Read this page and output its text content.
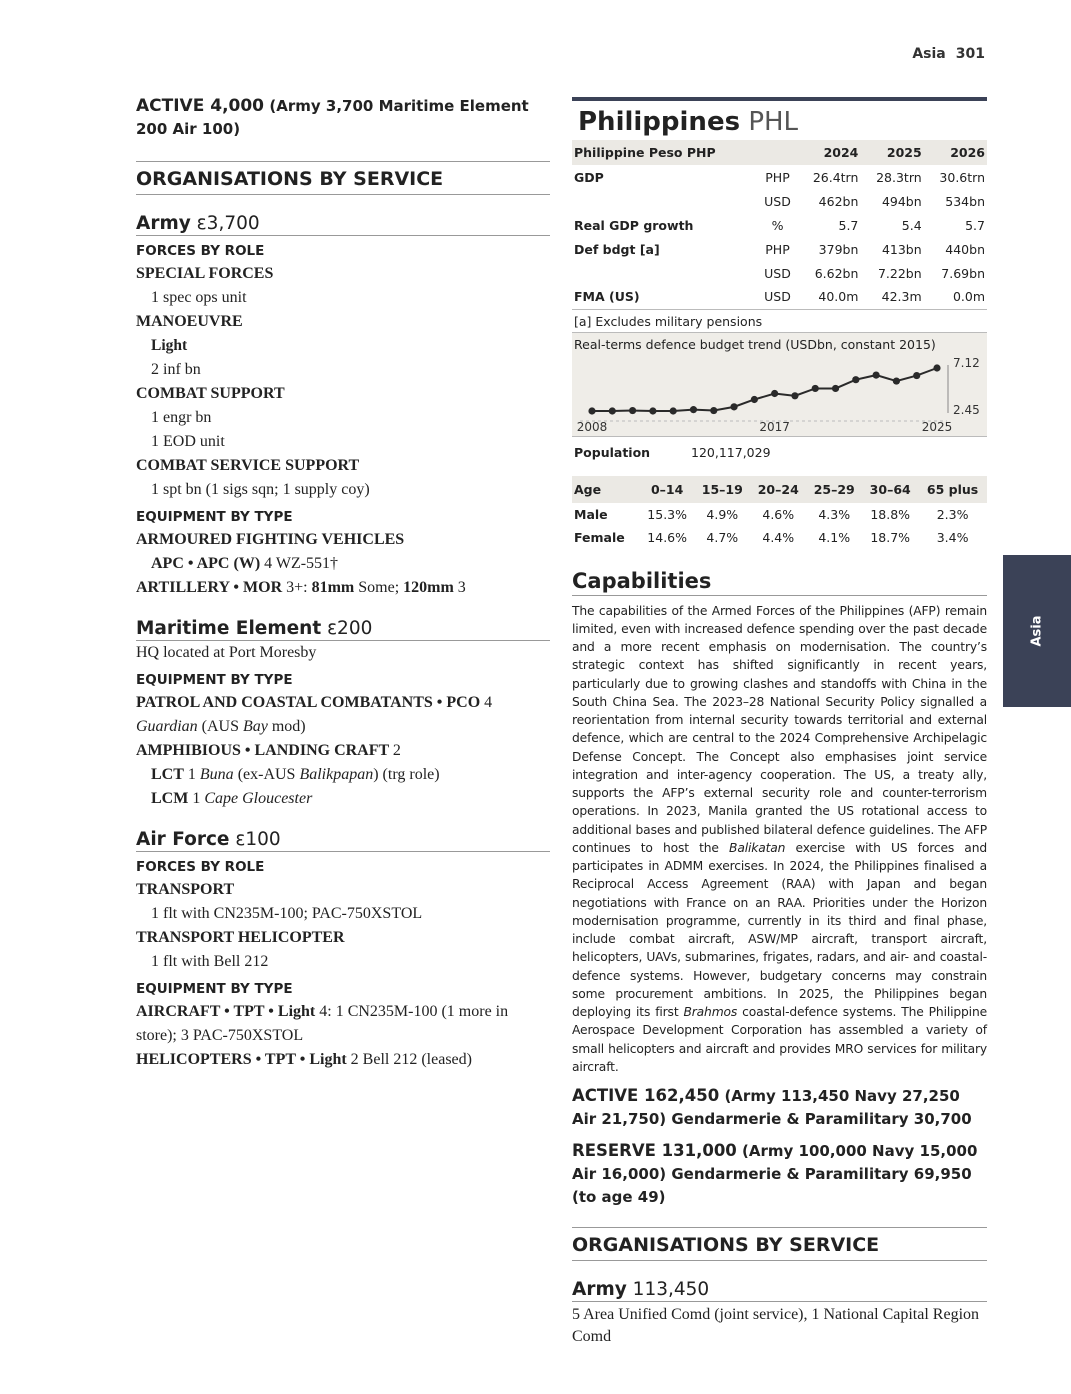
Asia 301
Asia
ACTIVE 4,000 (Army 3,700 Maritime Element 200 Air 100)
ORGANISATIONS BY SERVICE
Army ε3,700
FORCES BY ROLE
SPECIAL FORCES
1 spec ops unit
MANOEUVRE
Light
2 inf bn
COMBAT SUPPORT
1 engr bn
1 EOD unit
COMBAT SERVICE SUPPORT
1 spt bn (1 sigs sqn; 1 supply coy)
EQUIPMENT BY TYPE
ARMOURED FIGHTING VEHICLES
APC • APC (W) 4 WZ-551†
ARTILLERY • MOR 3+: 81mm Some; 120mm 3
Maritime Element ε200
HQ located at Port Moresby
EQUIPMENT BY TYPE
PATROL AND COASTAL COMBATANTS • PCO 4
Guardian (AUS Bay mod)
AMPHIBIOUS • LANDING CRAFT 2
LCT 1 Buna (ex-AUS Balikpapan) (trg role)
LCM 1 Cape Gloucester
Air Force ε100
FORCES BY ROLE
TRANSPORT
1 flt with CN235M-100; PAC-750XSTOL
TRANSPORT HELICOPTER
1 flt with Bell 212
EQUIPMENT BY TYPE
AIRCRAFT • TPT • Light 4: 1 CN235M-100 (1 more in store); 3 PAC-750XSTOL
HELICOPTERS • TPT • Light 2 Bell 212 (leased)
Philippines PHL
Philippine Peso PHP		2024	2025	2026
GDP	PHP	26.4trn	28.3trn	30.6trn
	USD	462bn	494bn	534bn
Real GDP growth	%	5.7	5.4	5.7
Def bdgt [a]	PHP	379bn	413bn	440bn
	USD	6.62bn	7.22bn	7.69bn
FMA (US)	USD	40.0m	42.3m	0.0m
[a] Excludes military pensions
Real-terms defence budget trend (USDbn, constant 2015)
7.12
2.45
2008	2017	2025
Population	120,117,029
Age	0–14	15–19	20–24	25–29	30–64	65 plus
Male	15.3%	4.9%	4.6%	4.3%	18.8%	2.3%
Female	14.6%	4.7%	4.4%	4.1%	18.7%	3.4%
Capabilities
The capabilities of the Armed Forces of the Philippines (AFP) remain limited, even with increased defence spending over the past decade and a more recent emphasis on modernisation. The country’s strategic context has shifted significantly in recent years, particularly due to growing clashes and standoffs with China in the South China Sea. The 2023–28 National Security Policy signalled a reorientation from internal security towards territorial and external defence, which are central to the 2024 Comprehensive Archipelagic Defense Concept. The Concept also emphasises joint service integration and inter-agency cooperation. The US, a treaty ally, supports the AFP’s external security role and counter-terrorism operations. In 2023, Manila granted the US rotational access to additional bases and published bilateral defence guidelines. The AFP continues to host the Balikatan exercise with US forces and participates in ADMM exercises. In 2024, the Philippines finalised a Reciprocal Access Agreement (RAA) with Japan and began negotiations with France on an RAA. Priorities under the Horizon modernisation programme, currently in its third and final phase, include combat aircraft, ASW/MP aircraft, transport aircraft, helicopters, UAVs, submarines, frigates, radars, and air- and coastal-defence systems. However, budgetary concerns may constrain some procurement ambitions. In 2025, the Philippines began deploying its first Brahmos coastal-defence systems. The Philippine Aerospace Development Corporation has assembled a variety of small helicopters and aircraft and provides MRO services for military aircraft.
ACTIVE 162,450 (Army 113,450 Navy 27,250 Air 21,750) Gendarmerie & Paramilitary 30,700
RESERVE 131,000 (Army 100,000 Navy 15,000 Air 16,000) Gendarmerie & Paramilitary 69,950 (to age 49)
ORGANISATIONS BY SERVICE
Army 113,450
5 Area Unified Comd (joint service), 1 National Capital Region Comd
